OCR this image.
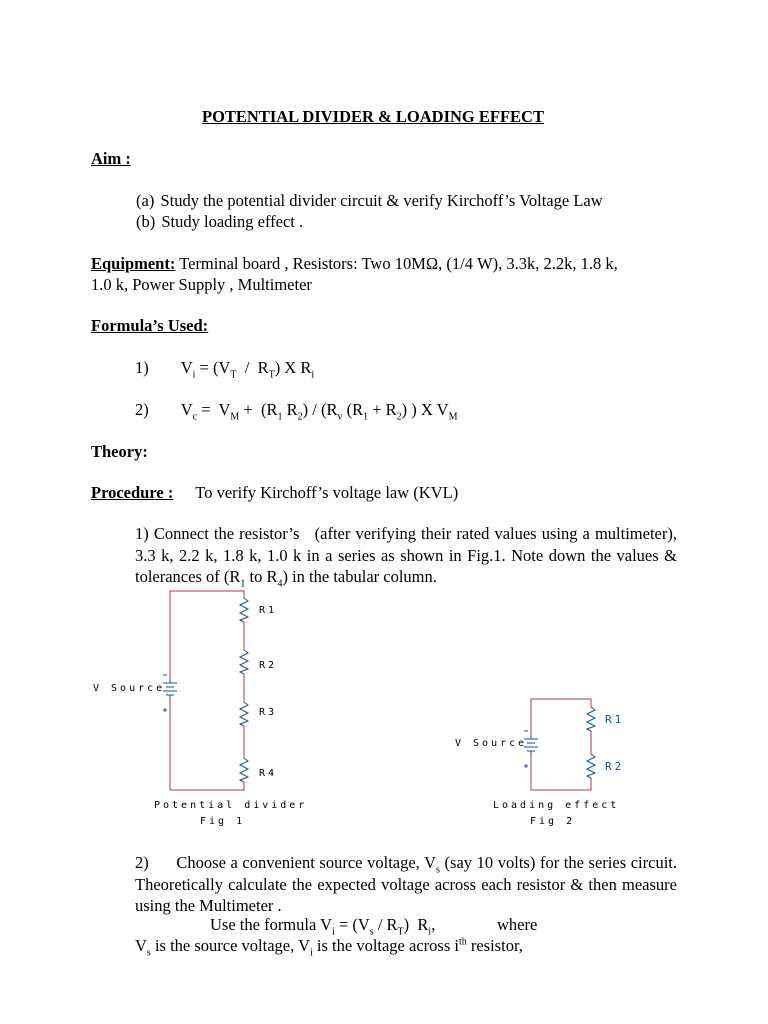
POTENTIAL DIVIDER & LOADING EFFECT
Aim :
(a) Study the potential divider circuit & verify Kirchoff’s Voltage Law
(b) Study loading effect .
Equipment: Terminal board , Resistors: Two 10MΩ, (1/4 W), 3.3k, 2.2k, 1.8 k,
1.0 k, Power Supply , Multimeter
Formula’s Used:
1) $V_i = (V_T / R_T)$ X $R_i$
2) $V_c = V_M + (R_1$ $R_2) / (R_v$ $(R_1 + R_2)$ ) X $V_M$
Theory:
Procedure : To verify Kirchoff’s voltage law (KVL)
1) Connect the resistor’s   (after verifying their rated values using a multimeter), 3.3 k, 2.2 k, 1.8 k, 1.0 k in a series as shown in Fig.1. Note down the values & tolerances of ($R_1$ to $R_4$) in the tabular column.
V Source
R1
R2
R3
R4
Potential divider
Fig 1
V Source
R1
R2
Loading effect
Fig 2
2)      Choose a convenient source voltage, $V_s$ (say 10 volts) for the series circuit. Theoretically calculate the expected voltage across each resistor & then measure using the Multimeter .
Use the formula $V_i = (V_s / R_T)$  $R_i$,	where
$V_s$ is the source voltage, $V_i$ is the voltage across $i^{th}$ resistor,
